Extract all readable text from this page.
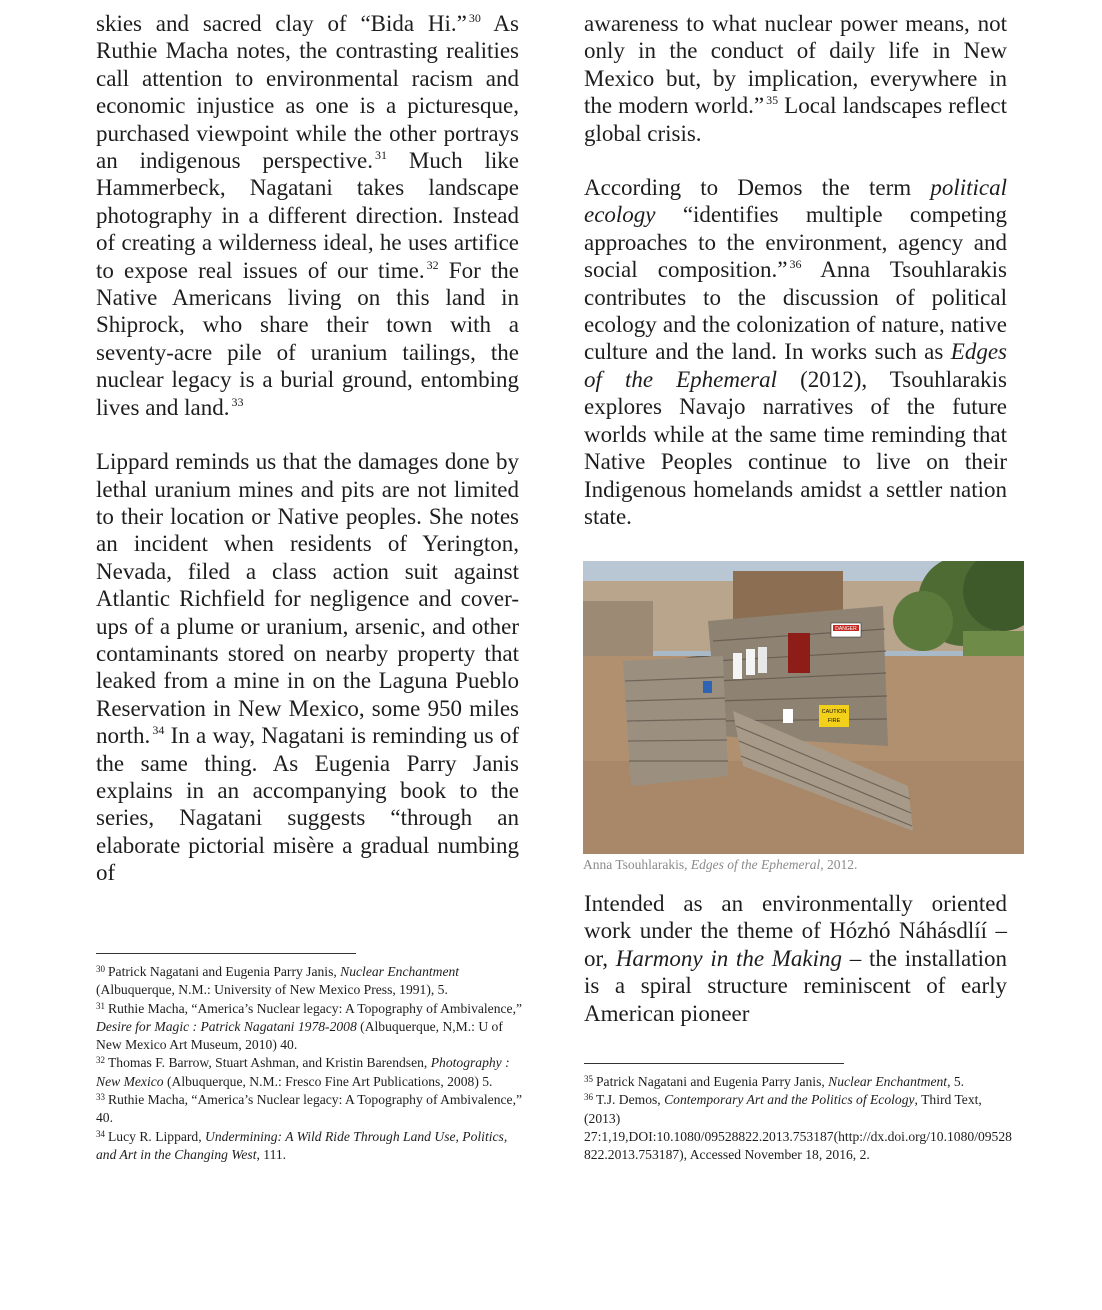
skies and sacred clay of “Bida Hi.” $^{30}$ As Ruthie Macha notes, the contrasting realities call attention to environmental racism and economic injustice as one is a picturesque, purchased viewpoint while the other portrays an indigenous perspective. $^{31}$ Much like Hammerbeck, Nagatani takes landscape photography in a different direction. Instead of creating a wilderness ideal, he uses artifice to expose real issues of our time. $^{32}$ For the Native Americans living on this land in Shiprock, who share their town with a seventy-acre pile of uranium tailings, the nuclear legacy is a burial ground, entombing lives and land. $^{33}$

Lippard reminds us that the damages done by lethal uranium mines and pits are not limited to their location or Native peoples. She notes an incident when residents of Yerington, Nevada, filed a class action suit against Atlantic Richfield for negligence and cover-ups of a plume or uranium, arsenic, and other contaminants stored on nearby property that leaked from a mine in on the Laguna Pueblo Reservation in New Mexico, some 950 miles north. $^{34}$ In a way, Nagatani is reminding us of the same thing. As Eugenia Parry Janis explains in an accompanying book to the series, Nagatani suggests “through an elaborate pictorial misère a gradual numbing of

awareness to what nuclear power means, not only in the conduct of daily life in New Mexico but, by implication, everywhere in the modern world.” $^{35}$ Local landscapes reflect global crisis.

According to Demos the term political ecology “identifies multiple competing approaches to the environment, agency and social composition.” $^{36}$ Anna Tsouhlarakis contributes to the discussion of political ecology and the colonization of nature, native culture and the land. In works such as Edges of the Ephemeral (2012), Tsouhlarakis explores Navajo narratives of the future worlds while at the same time reminding that Native Peoples continue to live on their Indigenous homelands amidst a settler nation state.

DANGER
CAUTION
FIRE

Anna Tsouhlarakis, Edges of the Ephemeral, 2012.

Intended as an environmentally oriented work under the theme of Hózhó Náhásdlíí – or, Harmony in the Making – the installation is a spiral structure reminiscent of early American pioneer

$^{30}$ Patrick Nagatani and Eugenia Parry Janis, Nuclear Enchantment (Albuquerque, N.M.: University of New Mexico Press, 1991), 5.

$^{31}$ Ruthie Macha, “America’s Nuclear legacy: A Topography of Ambivalence,” Desire for Magic : Patrick Nagatani 1978-2008 (Albuquerque, N,M.: U of New Mexico Art Museum, 2010) 40.

$^{32}$ Thomas F. Barrow, Stuart Ashman, and Kristin Barendsen, Photography : New Mexico (Albuquerque, N.M.: Fresco Fine Art Publications, 2008) 5.

$^{33}$ Ruthie Macha, “America’s Nuclear legacy: A Topography of Ambivalence,” 40.

$^{34}$ Lucy R. Lippard, Undermining: A Wild Ride Through Land Use, Politics, and Art in the Changing West, 111.

$^{35}$ Patrick Nagatani and Eugenia Parry Janis, Nuclear Enchantment, 5.

$^{36}$ T.J. Demos, Contemporary Art and the Politics of Ecology, Third Text, (2013) 27:1,19,DOI:10.1080/09528822.2013.753187(http://dx.doi.org/10.1080/09528822.2013.753187), Accessed November 18, 2016, 2.
